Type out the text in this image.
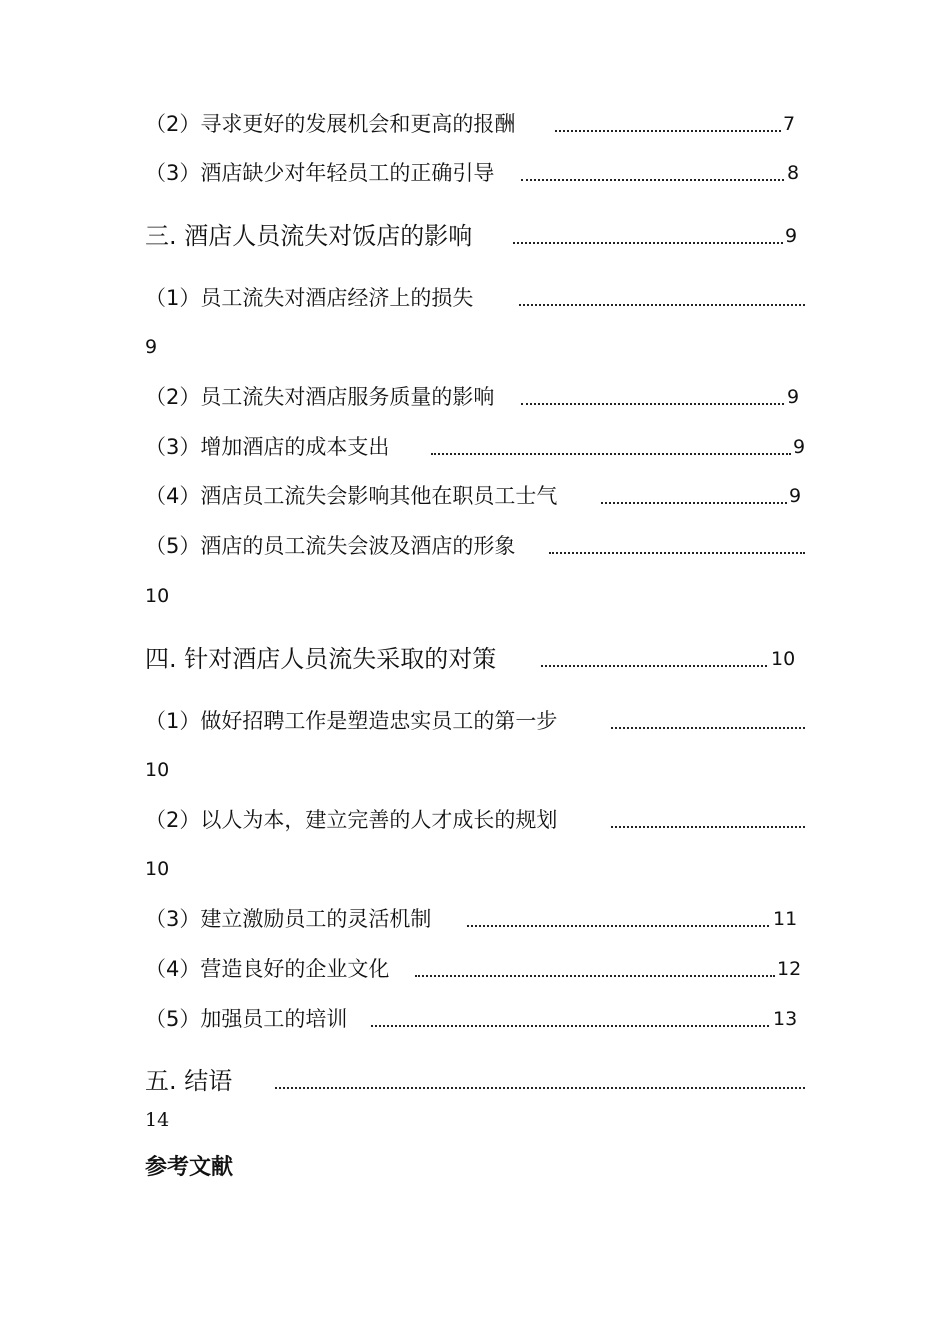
（2）寻求更好的发展机会和更高的报酬	7
（3）酒店缺少对年轻员工的正确引导	8
三. 酒店人员流失对饭店的影响	9
（1）员工流失对酒店经济上的损失
9
（2）员工流失对酒店服务质量的影响	9
（3）增加酒店的成本支出	9
（4）酒店员工流失会影响其他在职员工士气	9
（5）酒店的员工流失会波及酒店的形象
10
四. 针对酒店人员流失采取的对策	10
（1）做好招聘工作是塑造忠实员工的第一步
10
（2）以人为本，建立完善的人才成长的规划
10
（3）建立激励员工的灵活机制	11
（4）营造良好的企业文化	12
（5）加强员工的培训	13
五. 结语
14
参考文献
